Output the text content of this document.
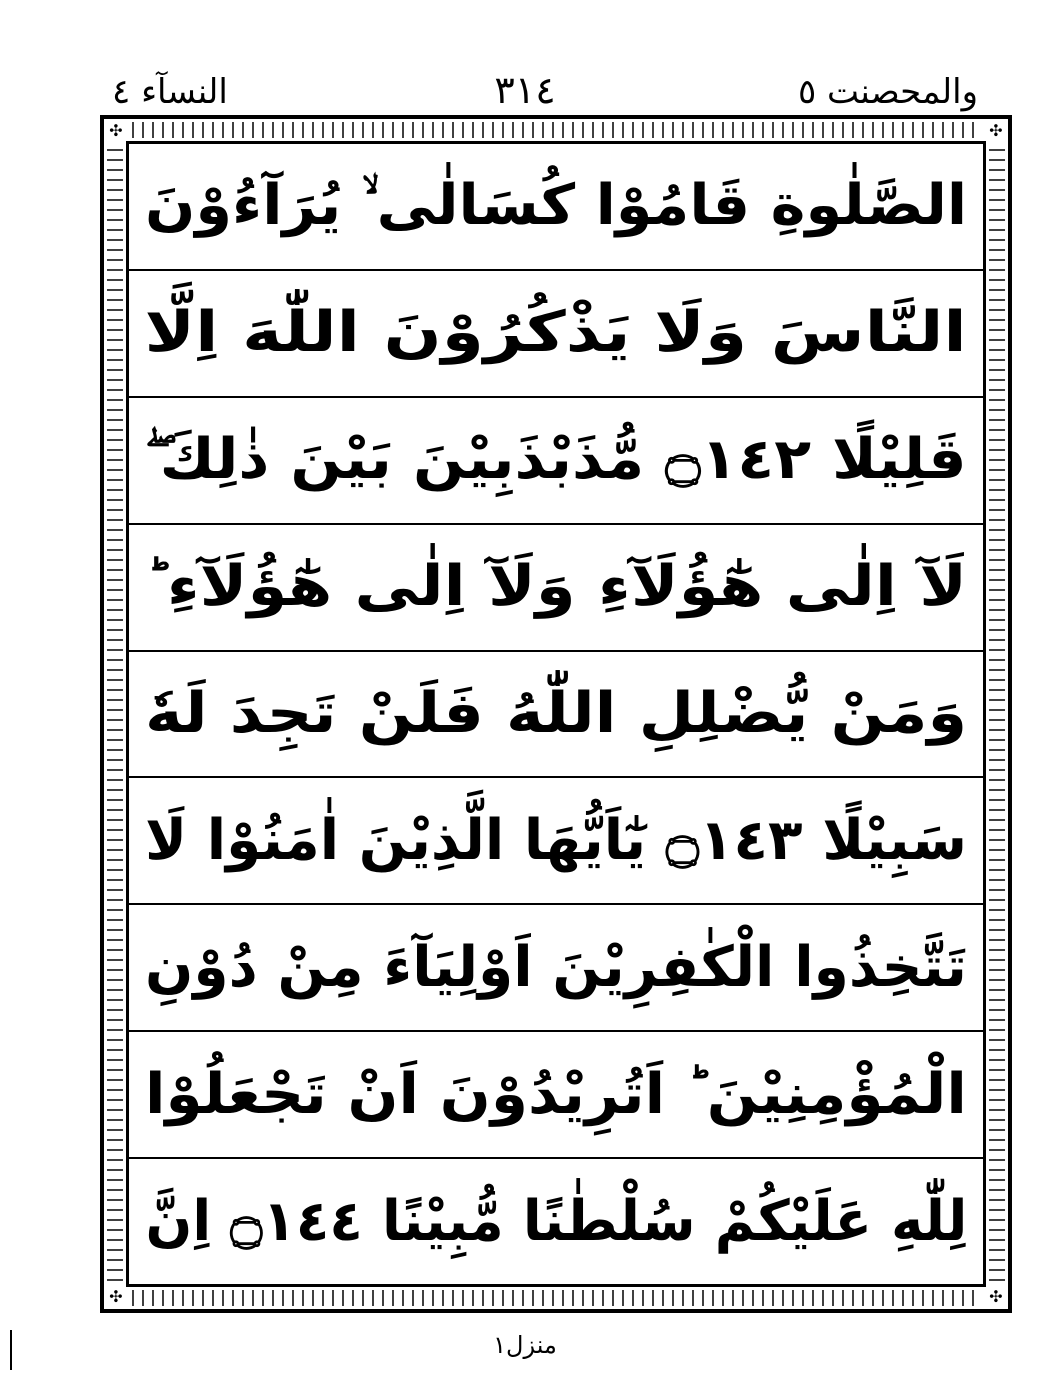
والمحصنت ٥
٣١٤
النسآء ٤
✣	✣
✣	✣
الصَّلٰوةِ قَامُوْا كُسَالٰى ۙ يُرَآءُوْنَ
النَّاسَ وَلَا يَذْكُرُوْنَ اللّٰهَ اِلَّا
قَلِيْلًا ۝١٤٢ مُّذَبْذَبِيْنَ بَيْنَ ذٰلِكَ ۖ
لَآ اِلٰى هٰٓؤُلَآءِ وَلَآ اِلٰى هٰٓؤُلَآءِ ؕ
وَمَنْ يُّضْلِلِ اللّٰهُ فَلَنْ تَجِدَ لَهٗ
سَبِيْلًا ۝١٤٣ يٰٓاَيُّهَا الَّذِيْنَ اٰمَنُوْا لَا
تَتَّخِذُوا الْكٰفِرِيْنَ اَوْلِيَآءَ مِنْ دُوْنِ
الْمُؤْمِنِيْنَ ؕ اَتُرِيْدُوْنَ اَنْ تَجْعَلُوْا
لِلّٰهِ عَلَيْكُمْ سُلْطٰنًا مُّبِيْنًا ۝١٤٤ اِنَّ
منزل١
